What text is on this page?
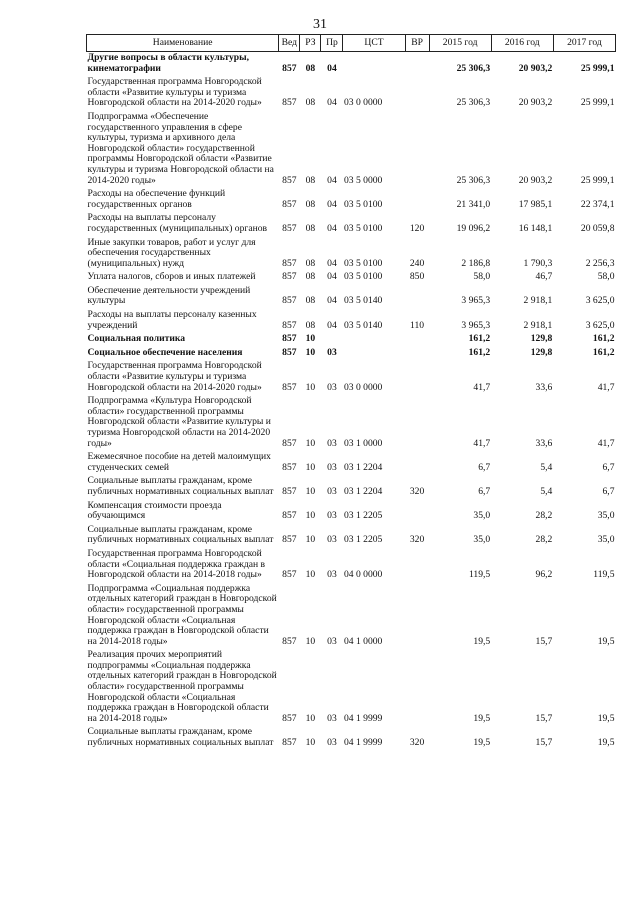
31
Наименование	Вед	РЗ	Пр	ЦСТ	ВР	2015 год	2016 год	2017 год
Другие вопросы в области культуры, кинематографии	857	08	04			25 306,3	20 903,2	25 999,1
Государственная программа Новгородской области «Развитие культуры и туризма Новгородской области на 2014-2020 годы»	857	08	04	03 0 0000		25 306,3	20 903,2	25 999,1
Подпрограмма «Обеспечение государственного управления в сфере культуры, туризма и архивного дела Новгородской области» государственной программы Новгородской области «Развитие культуры и туризма Новгородской области на 2014-2020 годы»	857	08	04	03 5 0000		25 306,3	20 903,2	25 999,1
Расходы на обеспечение функций государственных органов	857	08	04	03 5 0100		21 341,0	17 985,1	22 374,1
Расходы на выплаты персоналу государственных (муниципальных) органов	857	08	04	03 5 0100	120	19 096,2	16 148,1	20 059,8
Иные закупки товаров, работ и услуг для обеспечения государственных (муниципальных) нужд	857	08	04	03 5 0100	240	2 186,8	1 790,3	2 256,3
Уплата налогов, сборов и иных платежей	857	08	04	03 5 0100	850	58,0	46,7	58,0
Обеспечение деятельности учреждений культуры	857	08	04	03 5 0140		3 965,3	2 918,1	3 625,0
Расходы на выплаты персоналу казенных учреждений	857	08	04	03 5 0140	110	3 965,3	2 918,1	3 625,0
Социальная политика	857	10				161,2	129,8	161,2
Социальное обеспечение населения	857	10	03			161,2	129,8	161,2
Государственная программа Новгородской области «Развитие культуры и туризма Новгородской области на 2014-2020 годы»	857	10	03	03 0 0000		41,7	33,6	41,7
Подпрограмма «Культура Новгородской области» государственной программы Новгородской области «Развитие культуры и туризма Новгородской области на 2014-2020 годы»	857	10	03	03 1 0000		41,7	33,6	41,7
Ежемесячное пособие на детей малоимущих студенческих семей	857	10	03	03 1 2204		6,7	5,4	6,7
Социальные выплаты гражданам, кроме публичных нормативных социальных выплат	857	10	03	03 1 2204	320	6,7	5,4	6,7
Компенсация стоимости проезда обучающимся	857	10	03	03 1 2205		35,0	28,2	35,0
Социальные выплаты гражданам, кроме публичных нормативных социальных выплат	857	10	03	03 1 2205	320	35,0	28,2	35,0
Государственная программа Новгородской области «Социальная поддержка граждан в Новгородской области на 2014-2018 годы»	857	10	03	04 0 0000		119,5	96,2	119,5
Подпрограмма «Социальная поддержка отдельных категорий граждан в Новгородской области» государственной программы Новгородской области «Социальная поддержка граждан в Новгородской области на 2014-2018 годы»	857	10	03	04 1 0000		19,5	15,7	19,5
Реализация прочих мероприятий подпрограммы «Социальная поддержка отдельных категорий граждан в Новгородской области» государственной программы Новгородской области «Социальная поддержка граждан в Новгородской области на 2014-2018 годы»	857	10	03	04 1 9999		19,5	15,7	19,5
Социальные выплаты гражданам, кроме публичных нормативных социальных выплат	857	10	03	04 1 9999	320	19,5	15,7	19,5
